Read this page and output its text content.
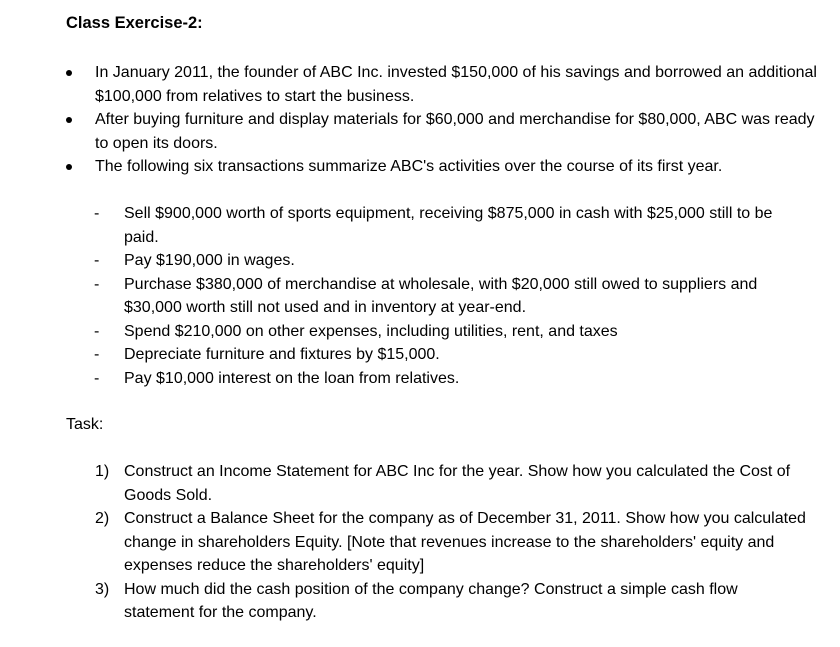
Class Exercise-2:
In January 2011, the founder of ABC Inc. invested $150,000 of his savings and borrowed an additional $100,000 from relatives to start the business.
After buying furniture and display materials for $60,000 and merchandise for $80,000, ABC was ready to open its doors.
The following six transactions summarize ABC's activities over the course of its first year.
-	Sell $900,000 worth of sports equipment, receiving $875,000 in cash with $25,000 still to be paid.
-	Pay $190,000 in wages.
-	Purchase $380,000 of merchandise at wholesale, with $20,000 still owed to suppliers and $30,000 worth still not used and in inventory at year-end.
-	Spend $210,000 on other expenses, including utilities, rent, and taxes
-	Depreciate furniture and fixtures by $15,000.
-	Pay $10,000 interest on the loan from relatives.
Task:
1) Construct an Income Statement for ABC Inc for the year. Show how you calculated the Cost of Goods Sold.
2) Construct a Balance Sheet for the company as of December 31, 2011. Show how you calculated change in shareholders Equity. [Note that revenues increase to the shareholders' equity and expenses reduce the shareholders' equity]
3) How much did the cash position of the company change? Construct a simple cash flow statement for the company.
